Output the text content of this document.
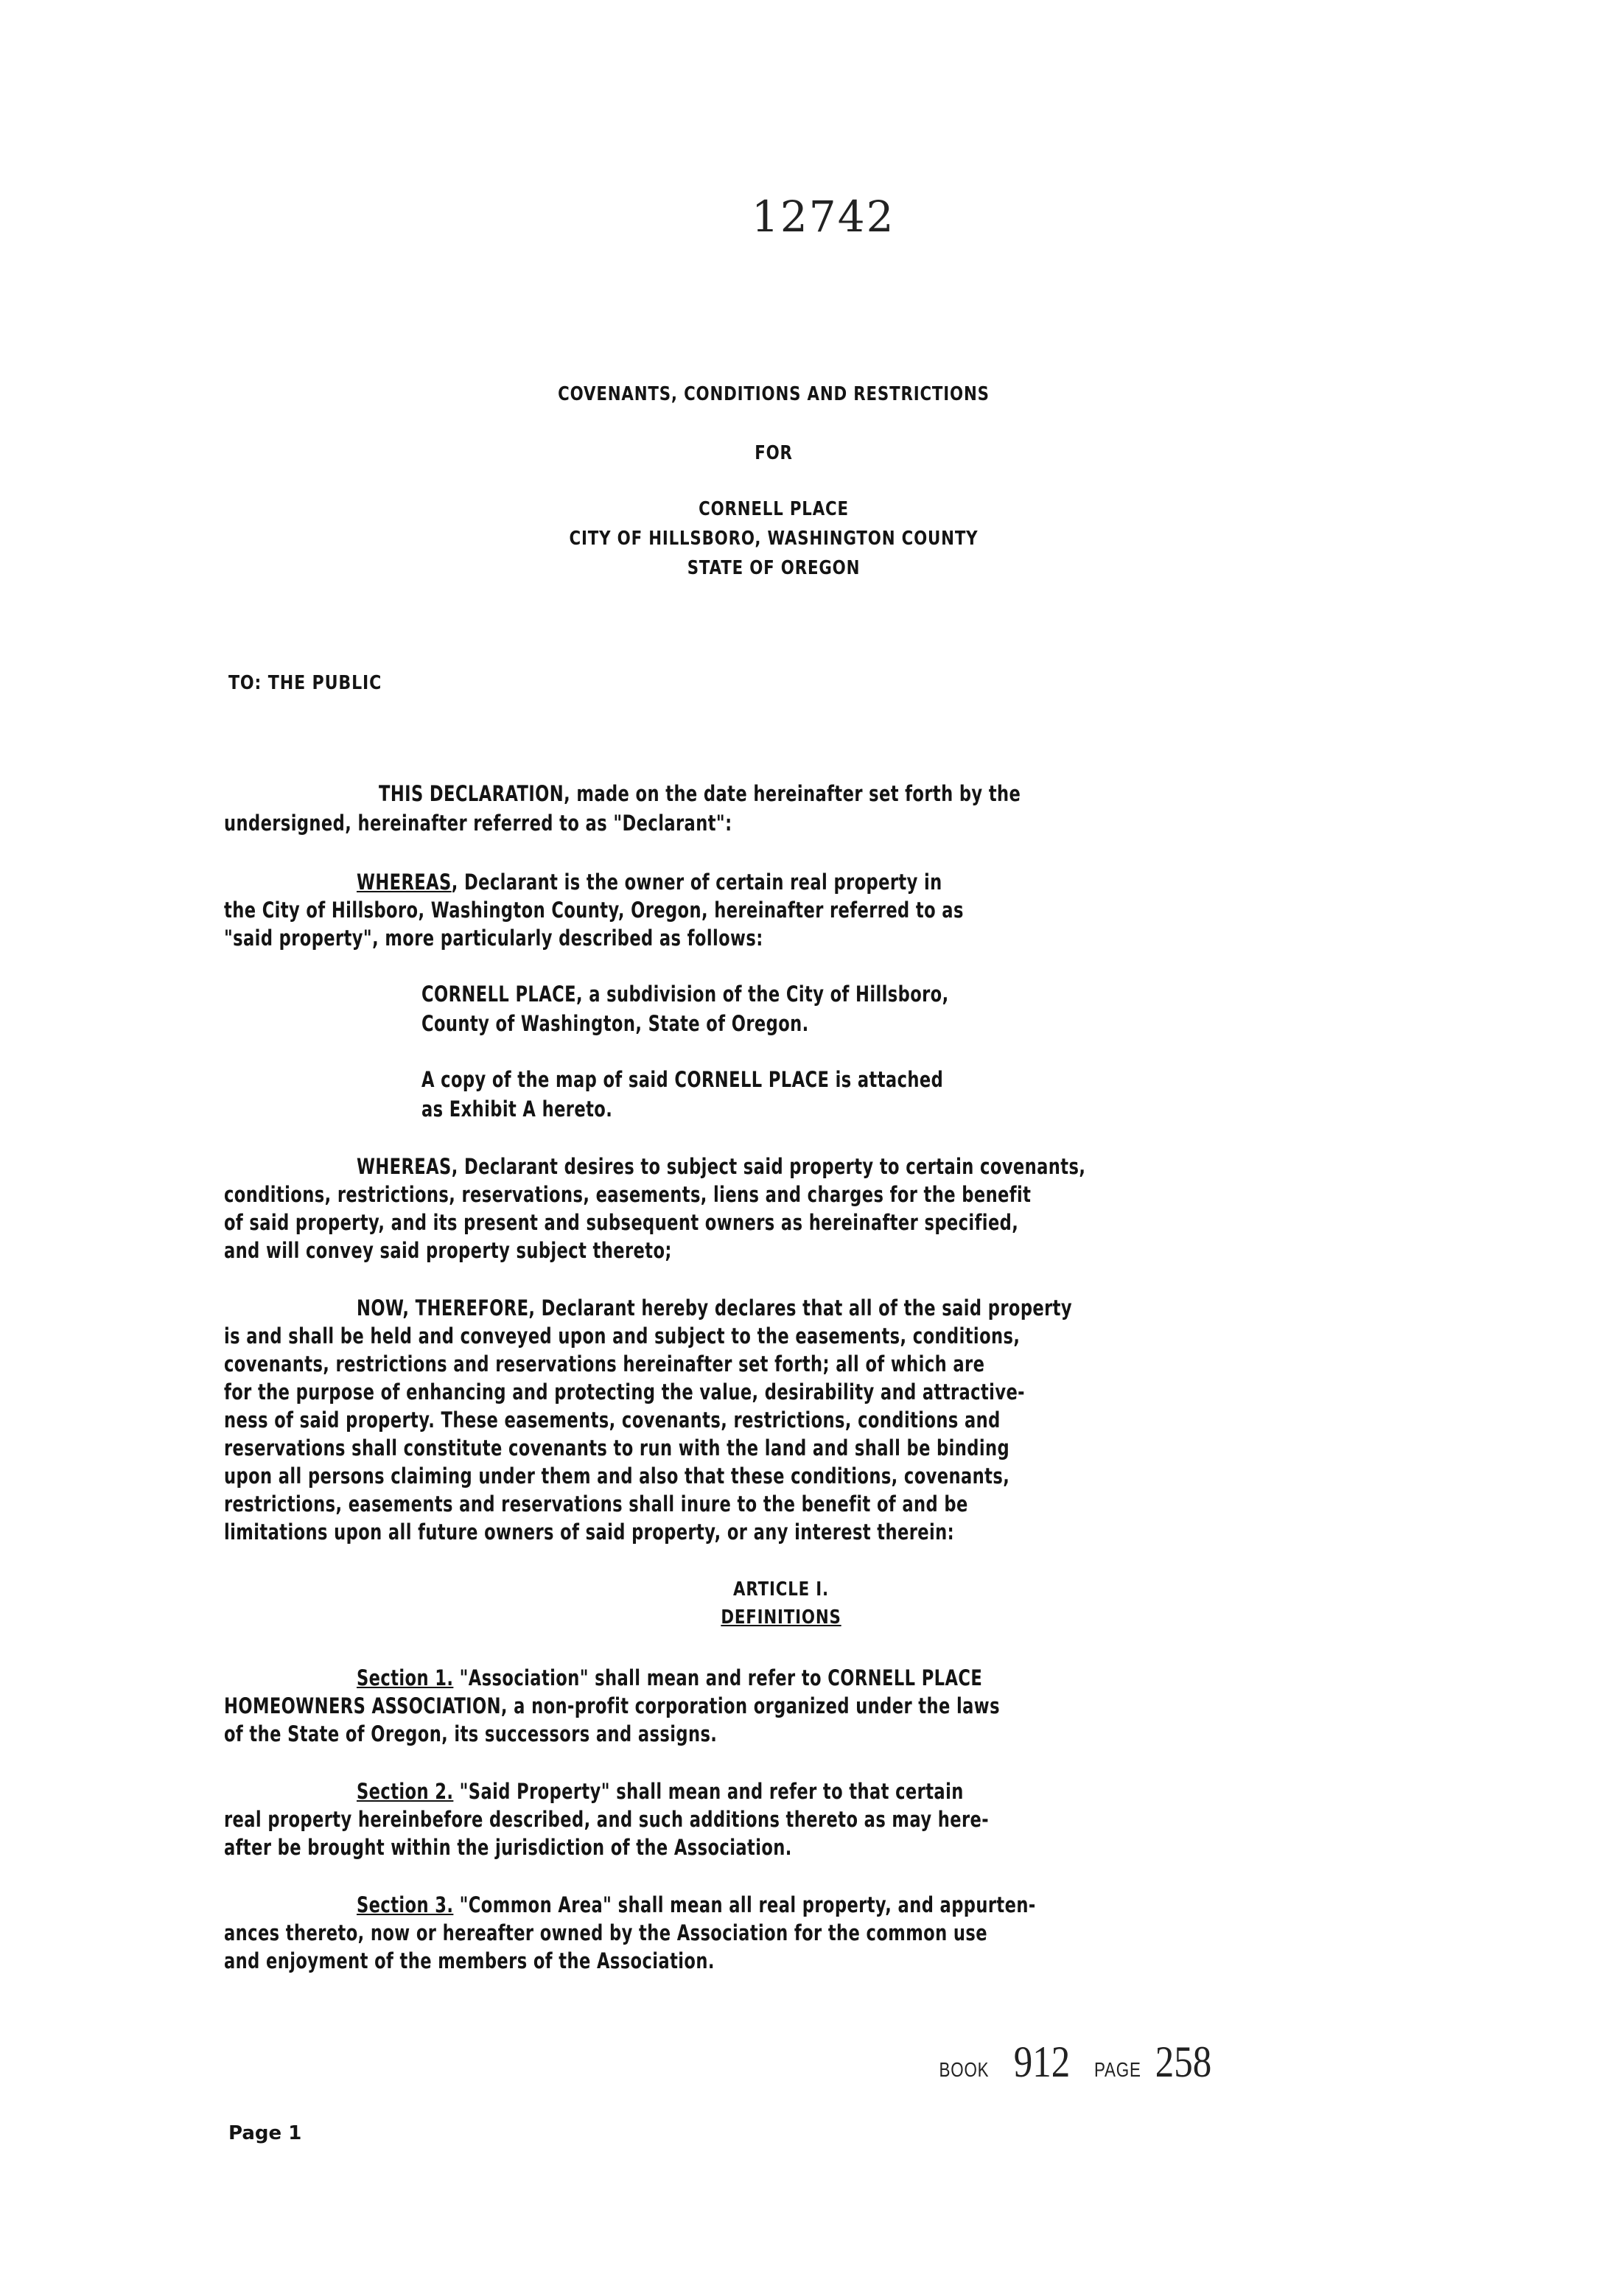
12742
COVENANTS, CONDITIONS AND RESTRICTIONS
FOR
CORNELL PLACE
CITY OF HILLSBORO, WASHINGTON COUNTY
STATE OF OREGON
TO: THE PUBLIC
THIS DECLARATION, made on the date hereinafter set forth by the
undersigned, hereinafter referred to as "Declarant":
WHEREAS, Declarant is the owner of certain real property in
the City of Hillsboro, Washington County, Oregon, hereinafter referred to as
"said property", more particularly described as follows:
CORNELL PLACE, a subdivision of the City of Hillsboro,
County of Washington, State of Oregon.
A copy of the map of said CORNELL PLACE is attached
as Exhibit A hereto.
WHEREAS, Declarant desires to subject said property to certain covenants,
conditions, restrictions, reservations, easements, liens and charges for the benefit
of said property, and its present and subsequent owners as hereinafter specified,
and will convey said property subject thereto;
NOW, THEREFORE, Declarant hereby declares that all of the said property
is and shall be held and conveyed upon and subject to the easements, conditions,
covenants, restrictions and reservations hereinafter set forth; all of which are
for the purpose of enhancing and protecting the value, desirability and attractive-
ness of said property. These easements, covenants, restrictions, conditions and
reservations shall constitute covenants to run with the land and shall be binding
upon all persons claiming under them and also that these conditions, covenants,
restrictions, easements and reservations shall inure to the benefit of and be
limitations upon all future owners of said property, or any interest therein:
ARTICLE I.
DEFINITIONS
Section 1. "Association" shall mean and refer to CORNELL PLACE
HOMEOWNERS ASSOCIATION, a non-profit corporation organized under the laws
of the State of Oregon, its successors and assigns.
Section 2. "Said Property" shall mean and refer to that certain
real property hereinbefore described, and such additions thereto as may here-
after be brought within the jurisdiction of the Association.
Section 3. "Common Area" shall mean all real property, and appurten-
ances thereto, now or hereafter owned by the Association for the common use
and enjoyment of the members of the Association.
BOOK 912 PAGE 258
Page 1
